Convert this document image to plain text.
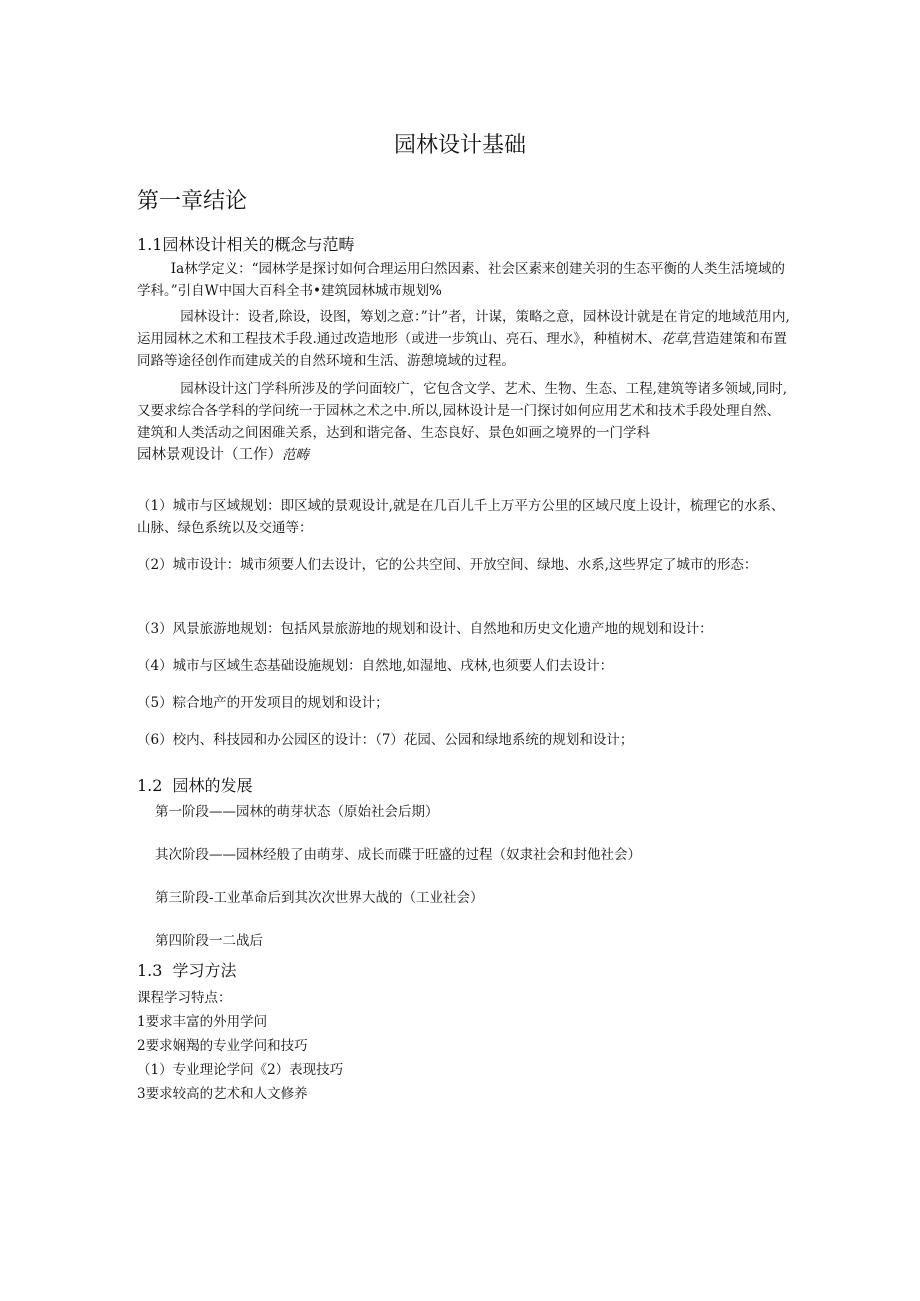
园林设计基础
第一章结论
1.1园林设计相关的概念与范畴
Ia林学定义：“园林学是探讨如何合理运用臼然因素、社会区素来创建关羽的生态平衡的人类生活境域的学科。”引自W中国大百科全书•建筑园林城市规划%
园林设计：设者,除设，设图，筹划之意：”计”者，计谋，策略之意，园林设计就是在肯定的地域范用内,运用园林之术和工程技术手段.通过改造地形（或进一步筑山、亮石、理水》，种植树木、花草,营造建策和布置同路等途径创作而建成关的自然环境和生活、游憩境域的过程。
园林设计这门学科所涉及的学问面较广，它包含文学、艺术、生物、生态、工程,建筑等诸多领域,同时,又要求综合各学科的学问统一于园林之术之中.所以,园林设计是一门探讨如何应用艺术和技术手段处理自然、建筑和人类活动之间困碓关系，达到和谐完备、生态良好、景色如画之境界的一门学科园林景观设计（工作）范畴
（1）城市与区域规划：即区域的景观设计,就是在几百儿千上万平方公里的区域尺度上设计，梳理它的水系、山脉、绿色系统以及交通等：
（2）城市设计：城市须要人们去设计，它的公共空间、开放空间、绿地、水系,这些界定了城市的形态：
（3）风景旅游地规划：包括风景旅游地的规划和设计、自然地和历史文化遗产地的规划和设计：
（4）城市与区域生态基础设施规划：自然地,如湿地、戌林,也须要人们去设计：
（5）粽合地产的开发项目的规划和设计；
（6）校内、科技园和办公园区的设计：（7）花园、公园和绿地系统的规划和设计；
1.2 园林的发展
第一阶段——园林的萌芽状态（原始社会后期）
其次阶段——园林经般了由萌芽、成长而碟于旺盛的过程（奴隶社会和封他社会）
第三阶段-工业革命后到其次次世界大战的（工业社会）
第四阶段一二战后
1.3 学习方法
课程学习特点：
1要求丰富的外用学问
2要求娴羯的专业学问和技巧
（1）专业理论学问《2）表现技巧
3要求较高的艺术和人文修养
